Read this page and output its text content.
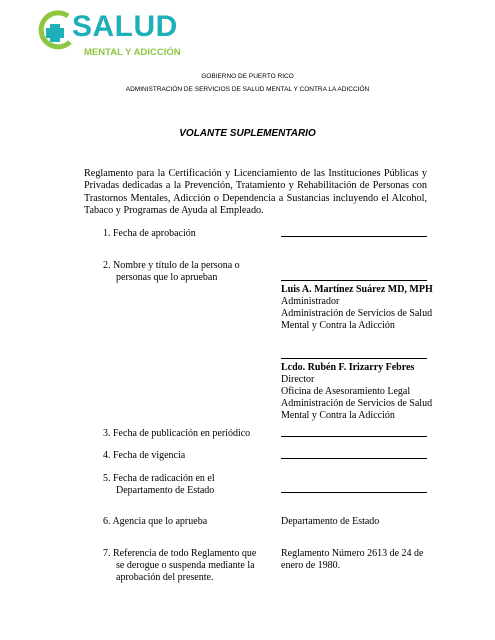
SALUD
MENTAL Y ADICCIÓN
GOBIERNO DE PUERTO RICO
ADMINISTRACIÓN DE SERVICIOS DE SALUD MENTAL Y CONTRA LA ADICCIÓN
VOLANTE SUPLEMENTARIO
Reglamento para la Certificación y Licenciamiento de las Instituciones Públicas y Privadas dedicadas a la Prevención, Tratamiento y Rehabilitación de Personas con Trastornos Mentales, Adicción o Dependencia a Sustancias incluyendo el Alcohol, Tabaco y Programas de Ayuda al Empleado.
1. Fecha de aprobación
2. Nombre y título de la persona o
personas que lo aprueban
Luis A. Martínez Suárez MD, MPH
Administrador
Administración de Servicios de Salud
Mental y Contra la Adicción
Lcdo. Rubén F. Irizarry Febres
Director
Oficina de Asesoramiento Legal
Administración de Servicios de Salud
Mental y Contra la Adicción
3. Fecha de publicación en periódico
4. Fecha de vigencia
5. Fecha de radicación en el
Departamento de Estado
6. Agencia que lo aprueba	Departamento de Estado
7. Referencia de todo Reglamento que
se derogue o suspenda mediante la
aprobación del presente.
Reglamento Número 2613 de 24 de
enero de 1980.
